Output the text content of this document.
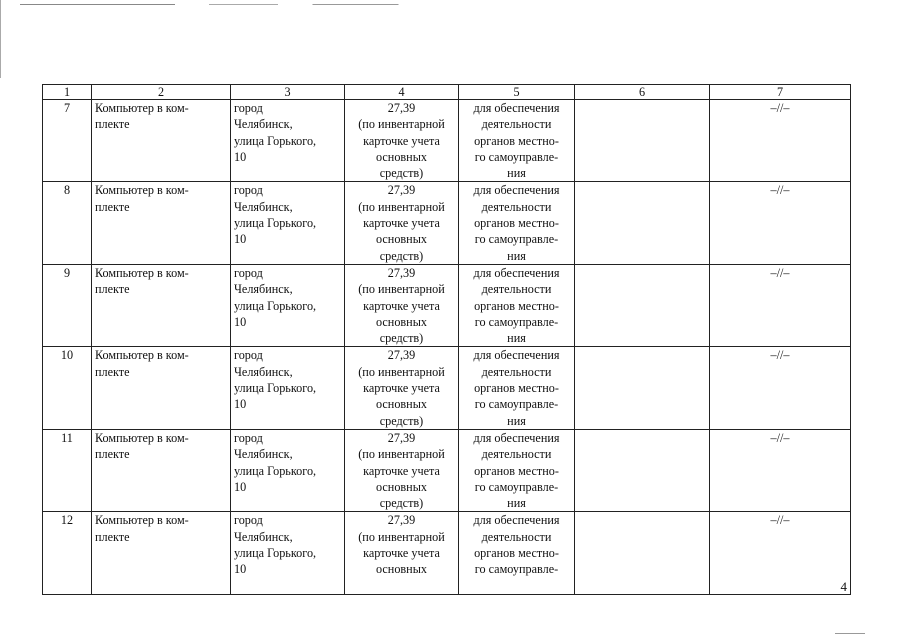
1	2	3	4	5	6	7

7	Компьютер в ком-
плекте	город
Челябинск,
улица Горького,
10	27,39
(по инвентарной
карточке учета
основных
средств)	для обеспечения
деятельности
органов местно-
го самоуправле-
ния		–//–

8	Компьютер в ком-
плекте	город
Челябинск,
улица Горького,
10	27,39
(по инвентарной
карточке учета
основных
средств)	для обеспечения
деятельности
органов местно-
го самоуправле-
ния		–//–

9	Компьютер в ком-
плекте	город
Челябинск,
улица Горького,
10	27,39
(по инвентарной
карточке учета
основных
средств)	для обеспечения
деятельности
органов местно-
го самоуправле-
ния		–//–

10	Компьютер в ком-
плекте	город
Челябинск,
улица Горького,
10	27,39
(по инвентарной
карточке учета
основных
средств)	для обеспечения
деятельности
органов местно-
го самоуправле-
ния		–//–

11	Компьютер в ком-
плекте	город
Челябинск,
улица Горького,
10	27,39
(по инвентарной
карточке учета
основных
средств)	для обеспечения
деятельности
органов местно-
го самоуправле-
ния		–//–

12	Компьютер в ком-
плекте	город
Челябинск,
улица Горького,
10	27,39
(по инвентарной
карточке учета
основных	для обеспечения
деятельности
органов местно-
го самоуправле-		–//–
4
